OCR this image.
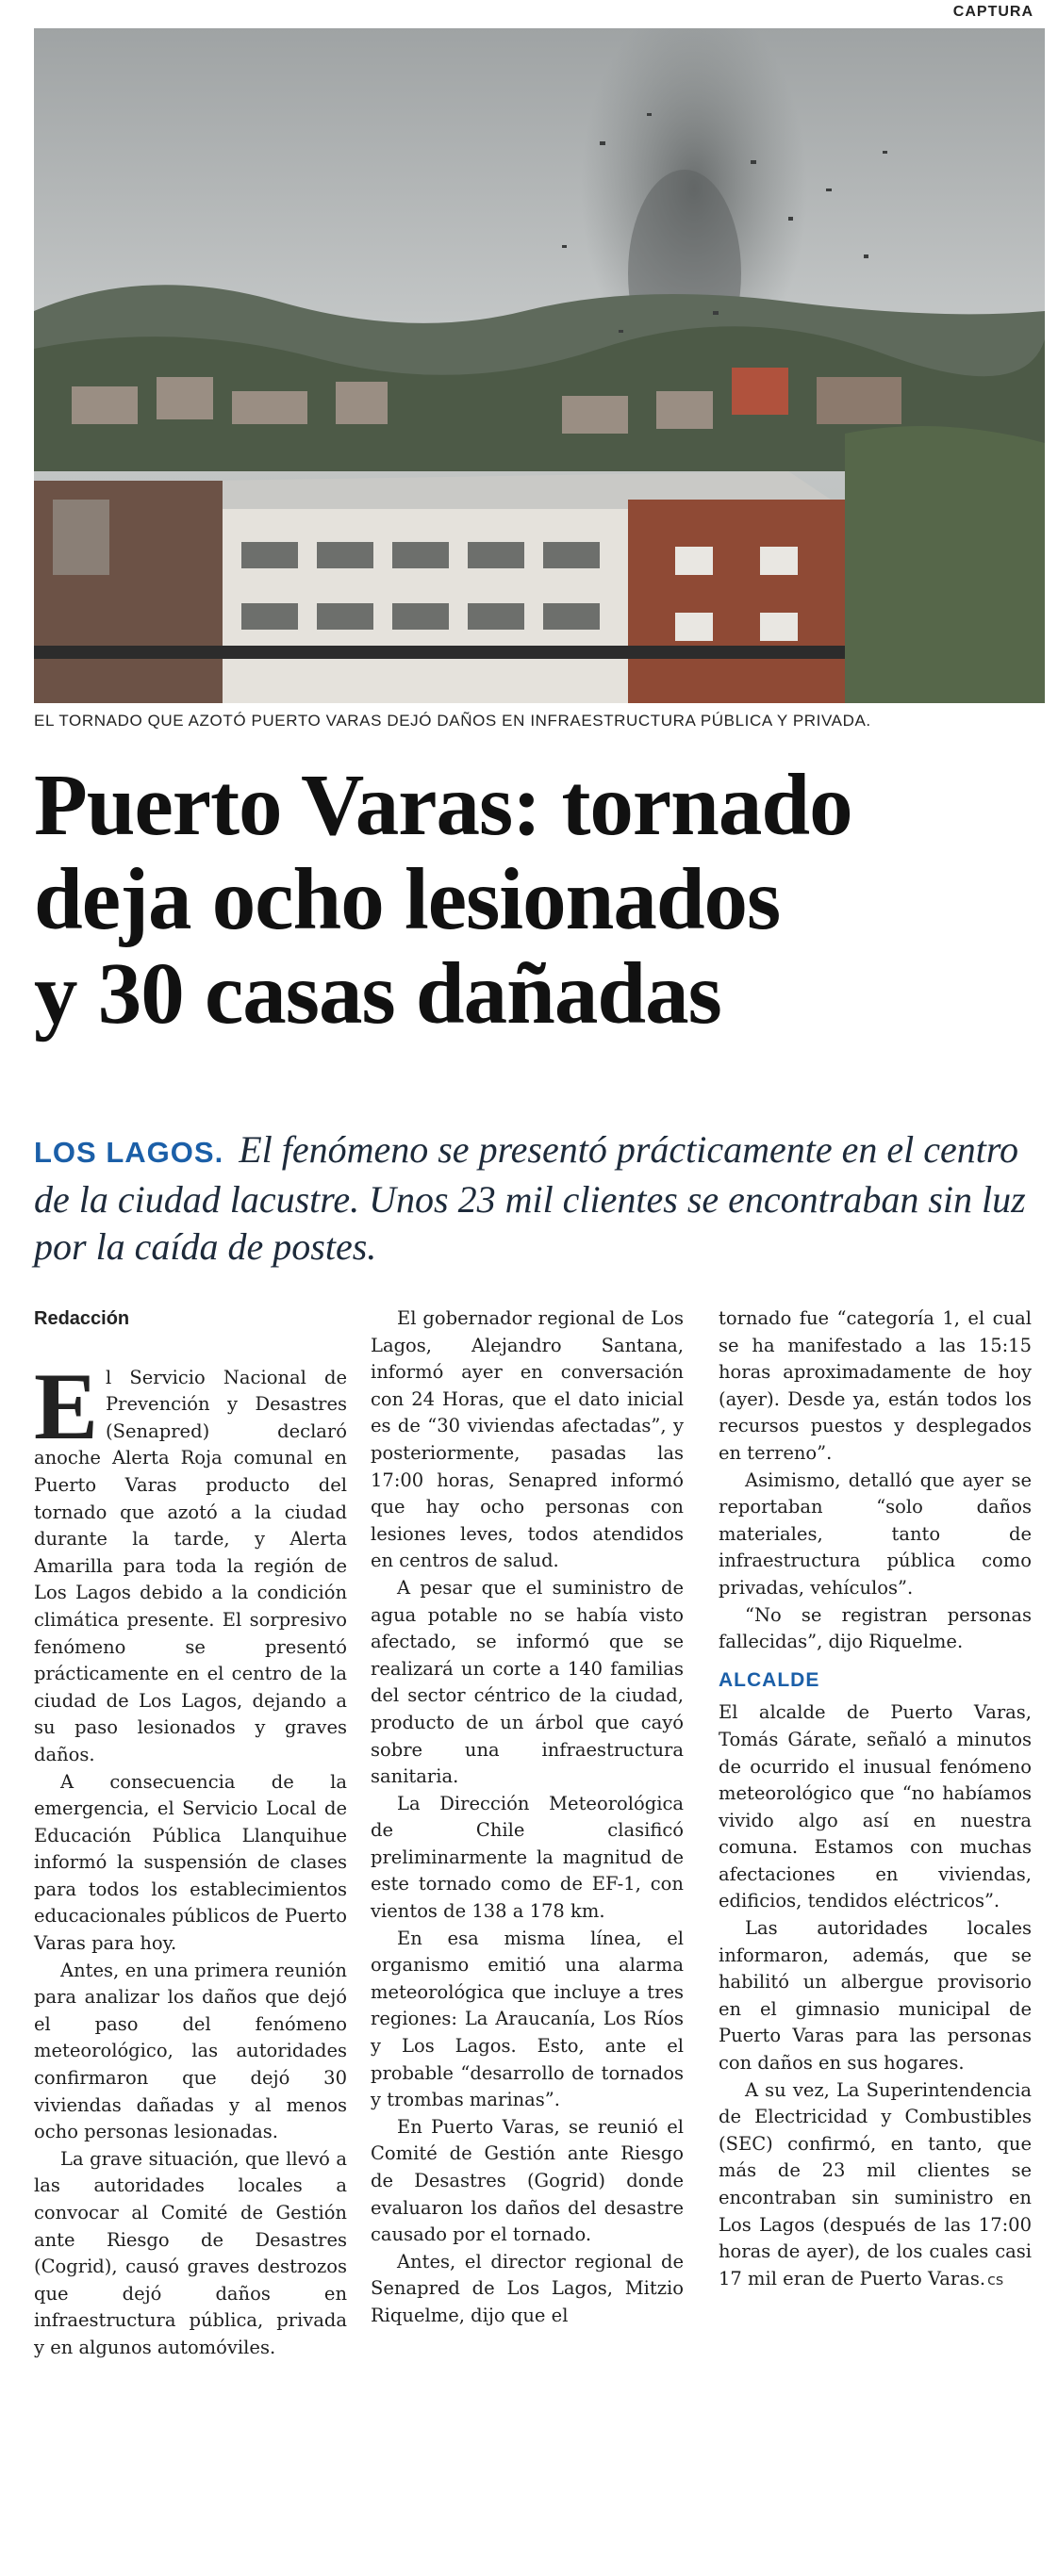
CAPTURA
EL TORNADO QUE AZOTÓ PUERTO VARAS DEJÓ DAÑOS EN INFRAESTRUCTURA PÚBLICA Y PRIVADA.
Puerto Varas: tornado
deja ocho lesionados
y 30 casas dañadas
LOS LAGOS. El fenómeno se presentó prácticamente en el centro de la ciudad lacustre. Unos 23 mil clientes se encontraban sin luz por la caída de postes.
Redacción

El Servicio Nacional de Prevención y Desastres (Senapred) declaró anoche Alerta Roja comunal en Puerto Varas producto del tornado que azotó a la ciudad durante la tarde, y Alerta Amarilla para toda la región de Los Lagos debido a la condición climática presente. El sorpresivo fenómeno se presentó prácticamente en el centro de la ciudad de Los Lagos, dejando a su paso lesionados y graves daños.

A consecuencia de la emergencia, el Servicio Local de Educación Pública Llanquihue informó la suspensión de clases para todos los establecimientos educacionales públicos de Puerto Varas para hoy.

Antes, en una primera reunión para analizar los daños que dejó el paso del fenómeno meteorológico, las autoridades confirmaron que dejó 30 viviendas dañadas y al menos ocho personas lesionadas.

La grave situación, que llevó a las autoridades locales a convocar al Comité de Gestión ante Riesgo de Desastres (Cogrid), causó graves destrozos que dejó daños en infraestructura pública, privada y en algunos automóviles.

El gobernador regional de Los Lagos, Alejandro Santana, informó ayer en conversación con 24 Horas, que el dato inicial es de “30 viviendas afectadas”, y posteriormente, pasadas las 17:00 horas, Senapred informó que hay ocho personas con lesiones leves, todos atendidos en centros de salud.

A pesar que el suministro de agua potable no se había visto afectado, se informó que se realizará un corte a 140 familias del sector céntrico de la ciudad, producto de un árbol que cayó sobre una infraestructura sanitaria.

La Dirección Meteorológica de Chile clasificó preliminarmente la magnitud de este tornado como de EF-1, con vientos de 138 a 178 km.

En esa misma línea, el organismo emitió una alarma meteorológica que incluye a tres regiones: La Araucanía, Los Ríos y Los Lagos. Esto, ante el probable “desarrollo de tornados y trombas marinas”.

En Puerto Varas, se reunió el Comité de Gestión ante Riesgo de Desastres (Gogrid) donde evaluaron los daños del desastre causado por el tornado.

Antes, el director regional de Senapred de Los Lagos, Mitzio Riquelme, dijo que el

tornado fue “categoría 1, el cual se ha manifestado a las 15:15 horas aproximadamente de hoy (ayer). Desde ya, están todos los recursos puestos y desplegados en terreno”.

Asimismo, detalló que ayer se reportaban “solo daños materiales, tanto de infraestructura pública como privadas, vehículos”.

“No se registran personas fallecidas”, dijo Riquelme.

ALCALDE

El alcalde de Puerto Varas, Tomás Gárate, señaló a minutos de ocurrido el inusual fenómeno meteorológico que “no habíamos vivido algo así en nuestra comuna. Estamos con muchas afectaciones en viviendas, edificios, tendidos eléctricos”.

Las autoridades locales informaron, además, que se habilitó un albergue provisorio en el gimnasio municipal de Puerto Varas para las personas con daños en sus hogares.

A su vez, La Superintendencia de Electricidad y Combustibles (SEC) confirmó, en tanto, que más de 23 mil clientes se encontraban sin suministro en Los Lagos (después de las 17:00 horas de ayer), de los cuales casi 17 mil eran de Puerto Varas. cs
